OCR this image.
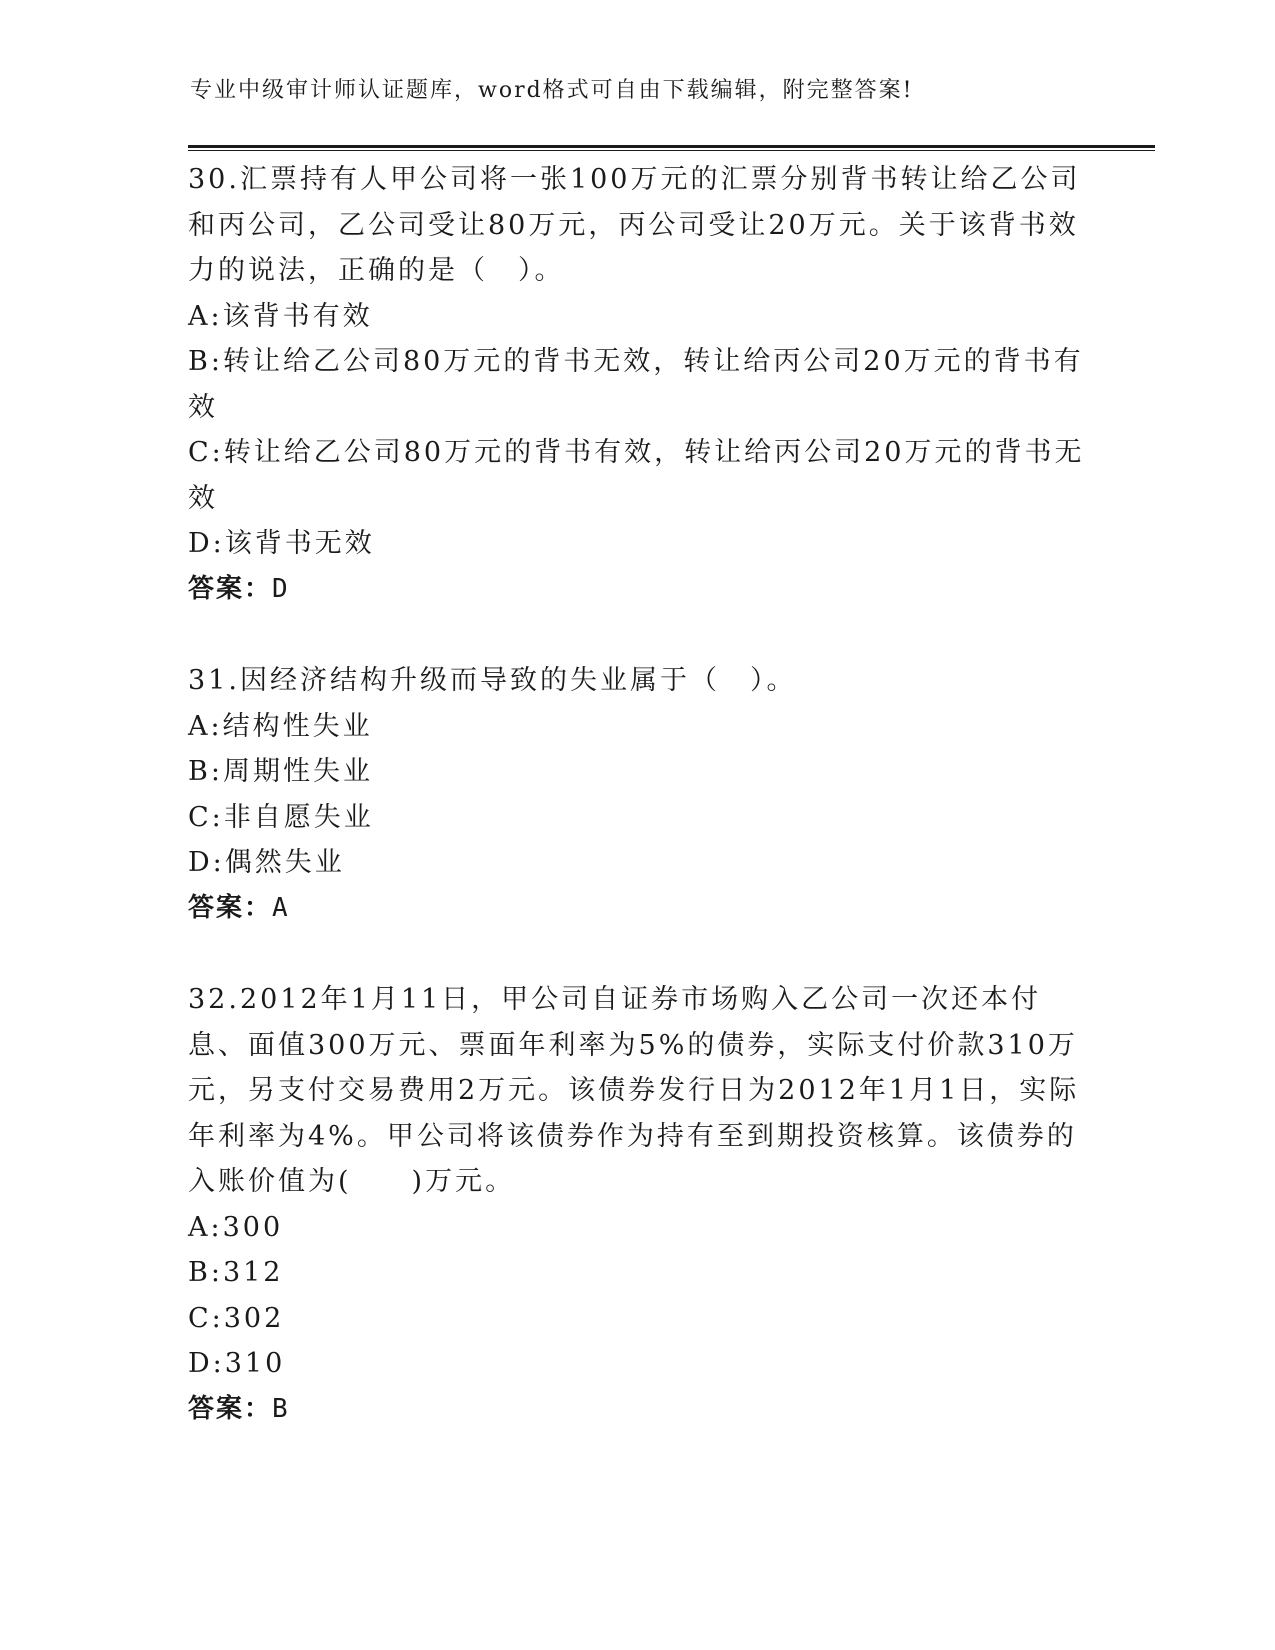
专业中级审计师认证题库，word格式可自由下载编辑，附完整答案!
30.汇票持有人甲公司将一张100万元的汇票分别背书转让给乙公司和丙公司，乙公司受让80万元，丙公司受让20万元。关于该背书效力的说法，正确的是（　）。
A:该背书有效
B:转让给乙公司80万元的背书无效，转让给丙公司20万元的背书有效
C:转让给乙公司80万元的背书有效，转让给丙公司20万元的背书无效
D:该背书无效
答案：D
31.因经济结构升级而导致的失业属于（　）。
A:结构性失业
B:周期性失业
C:非自愿失业
D:偶然失业
答案：A
32.2012年1月11日，甲公司自证券市场购入乙公司一次还本付息、面值300万元、票面年利率为5%的债券，实际支付价款310万元，另支付交易费用2万元。该债券发行日为2012年1月1日，实际年利率为4%。甲公司将该债券作为持有至到期投资核算。该债券的入账价值为(　　)万元。
A:300
B:312
C:302
D:310
答案：B
